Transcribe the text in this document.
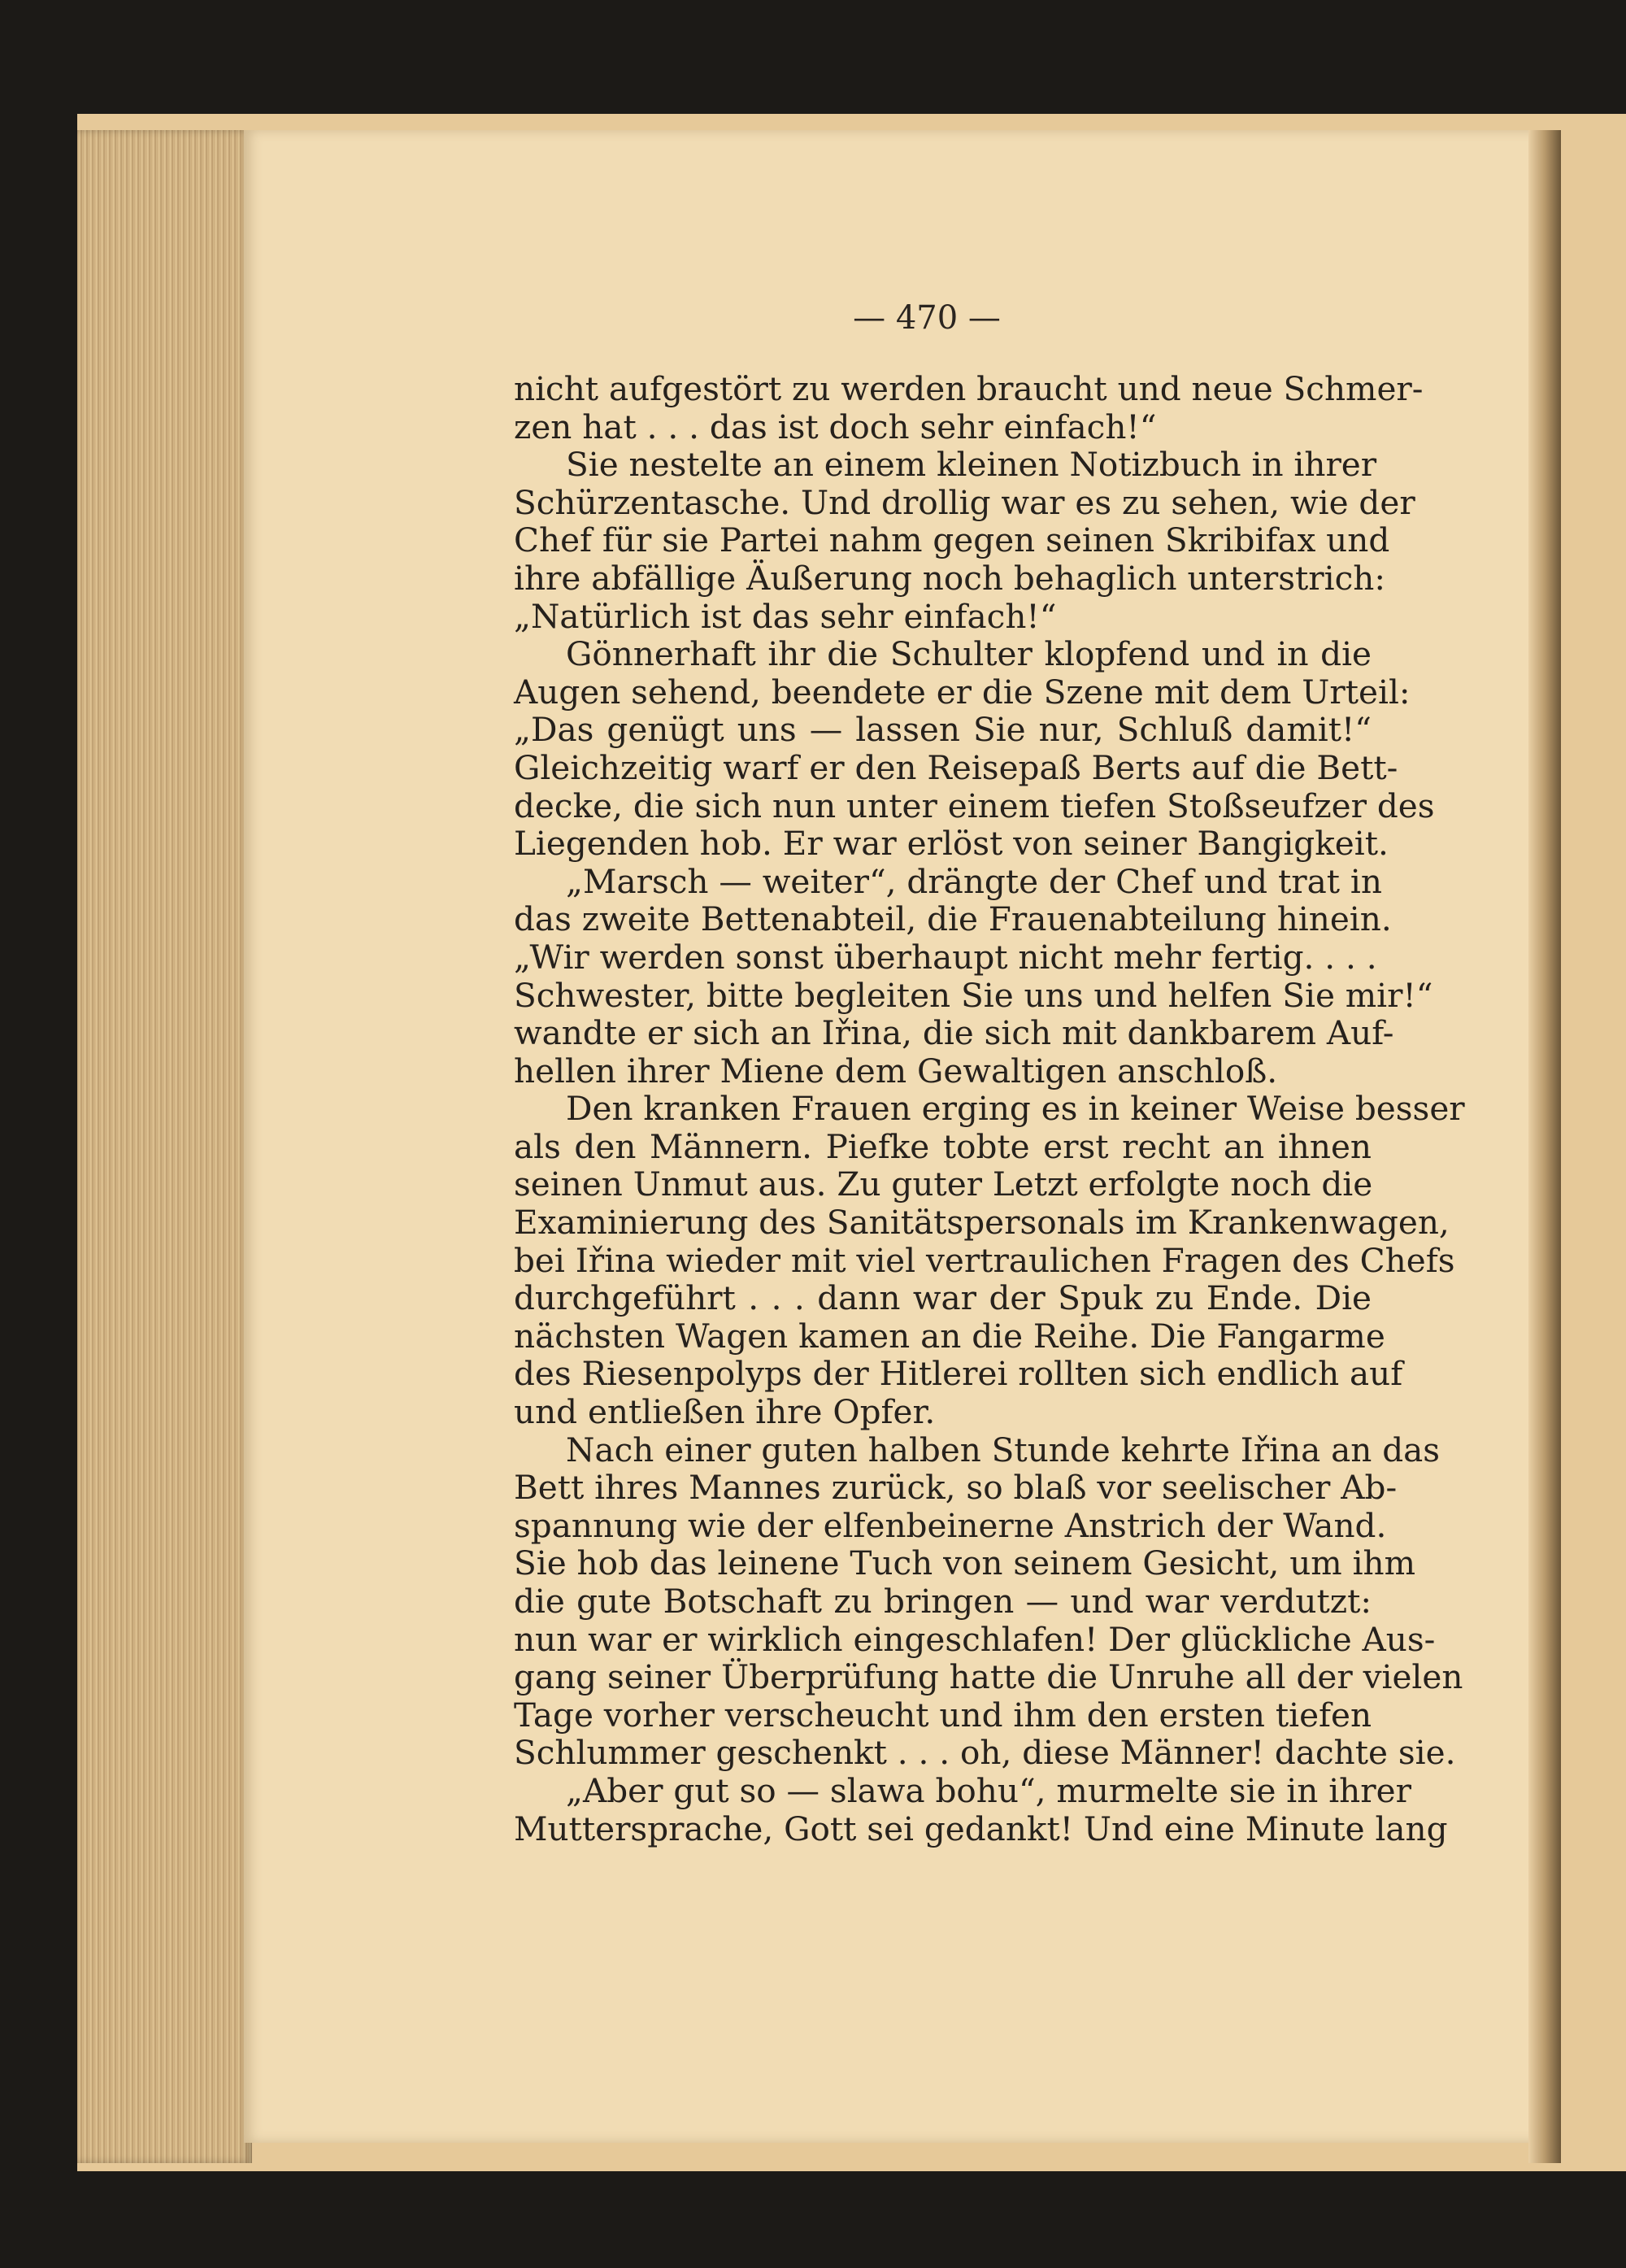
— 470 —
nicht aufgestört zu werden braucht und neue Schmer-
zen hat . . . das ist doch sehr einfach!“
Sie nestelte an einem kleinen Notizbuch in ihrer
Schürzentasche. Und drollig war es zu sehen, wie der
Chef für sie Partei nahm gegen seinen Skribifax und
ihre abfällige Äußerung noch behaglich unterstrich:
„Natürlich ist das sehr einfach!“
Gönnerhaft ihr die Schulter klopfend und in die
Augen sehend, beendete er die Szene mit dem Urteil:
„Das genügt uns — lassen Sie nur, Schluß damit!“
Gleichzeitig warf er den Reisepaß Berts auf die Bett-
decke, die sich nun unter einem tiefen Stoßseufzer des
Liegenden hob. Er war erlöst von seiner Bangigkeit.
„Marsch — weiter“, drängte der Chef und trat in
das zweite Bettenabteil, die Frauenabteilung hinein.
„Wir werden sonst überhaupt nicht mehr fertig. . . .
Schwester, bitte begleiten Sie uns und helfen Sie mir!“
wandte er sich an Iřina, die sich mit dankbarem Auf-
hellen ihrer Miene dem Gewaltigen anschloß.
Den kranken Frauen erging es in keiner Weise besser
als den Männern. Piefke tobte erst recht an ihnen
seinen Unmut aus. Zu guter Letzt erfolgte noch die
Examinierung des Sanitätspersonals im Krankenwagen,
bei Iřina wieder mit viel vertraulichen Fragen des Chefs
durchgeführt . . . dann war der Spuk zu Ende. Die
nächsten Wagen kamen an die Reihe. Die Fangarme
des Riesenpolyps der Hitlerei rollten sich endlich auf
und entließen ihre Opfer.
Nach einer guten halben Stunde kehrte Iřina an das
Bett ihres Mannes zurück, so blaß vor seelischer Ab-
spannung wie der elfenbeinerne Anstrich der Wand.
Sie hob das leinene Tuch von seinem Gesicht, um ihm
die gute Botschaft zu bringen — und war verdutzt:
nun war er wirklich eingeschlafen! Der glückliche Aus-
gang seiner Überprüfung hatte die Unruhe all der vielen
Tage vorher verscheucht und ihm den ersten tiefen
Schlummer geschenkt . . . oh, diese Männer! dachte sie.
„Aber gut so — slawa bohu“, murmelte sie in ihrer
Muttersprache, Gott sei gedankt! Und eine Minute lang
